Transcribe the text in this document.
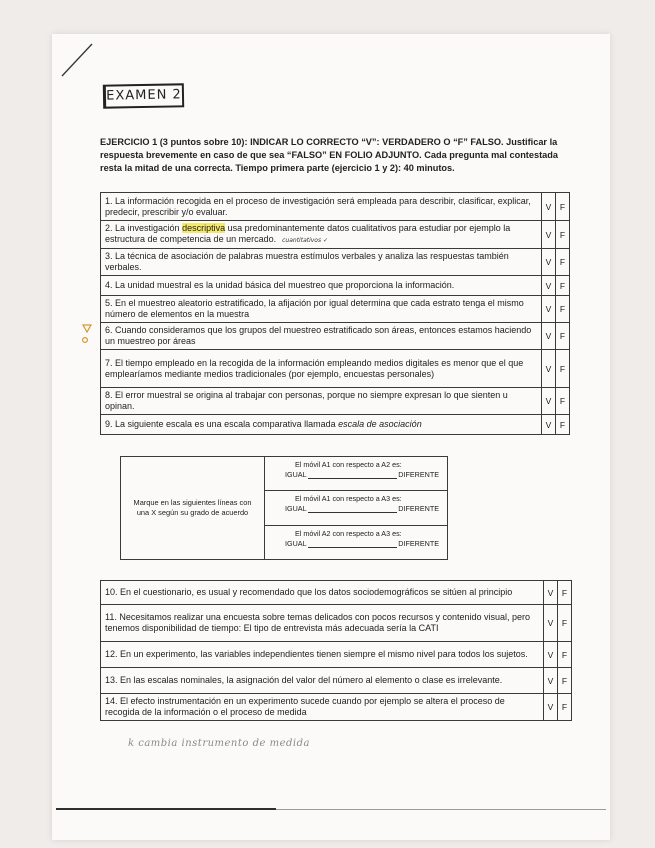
EXAMEN 2
EJERCICIO 1 (3 puntos sobre 10): INDICAR LO CORRECTO “V”: VERDADERO O “F” FALSO. Justificar la respuesta brevemente en caso de que sea “FALSO” EN FOLIO ADJUNTO. Cada pregunta mal contestada resta la mitad de una correcta. Tiempo primera parte (ejercicio 1 y 2): 40 minutos.
1. La información recogida en el proceso de investigación será empleada para describir, clasificar, explicar, predecir, prescribir y/o evaluar.	V	F
2. La investigación descriptiva usa predominantemente datos cualitativos para estudiar por ejemplo la estructura de competencia de un mercado. cuantitativos ✓	V	F
3. La técnica de asociación de palabras muestra estímulos verbales y analiza las respuestas también verbales.	V	F
4. La unidad muestral es la unidad básica del muestreo que proporciona la información.	V	F
5. En el muestreo aleatorio estratificado, la afijación por igual determina que cada estrato tenga el mismo número de elementos en la muestra	V	F
6. Cuando consideramos que los grupos del muestreo estratificado son áreas, entonces estamos haciendo un muestreo por áreas	V	F
7. El tiempo empleado en la recogida de la información empleando medios digitales es menor que el que emplearíamos mediante medios tradicionales (por ejemplo, encuestas personales)	V	F
8. El error muestral se origina al trabajar con personas, porque no siempre expresan lo que sienten u opinan.	V	F
9. La siguiente escala es una escala comparativa llamada escala de asociación	V	F
Marque en las siguientes líneas con una X según su grado de acuerdo
El móvil A1 con respecto a A2 es:
IGUAL	DIFERENTE
El móvil A1 con respecto a A3 es:
IGUAL	DIFERENTE
El móvil A2 con respecto a A3 es:
IGUAL	DIFERENTE
10. En el cuestionario, es usual y recomendado que los datos sociodemográficos se sitúen al principio	V	F
11. Necesitamos realizar una encuesta sobre temas delicados con pocos recursos y contenido visual, pero tenemos disponibilidad de tiempo: El tipo de entrevista más adecuada sería la CATI	V	F
12. En un experimento, las variables independientes tienen siempre el mismo nivel para todos los sujetos.	V	F
13. En las escalas nominales, la asignación del valor del número al elemento o clase es irrelevante.	V	F
14. El efecto instrumentación en un experimento sucede cuando por ejemplo se altera el proceso de recogida de la información o el proceso de medida	V	F
k cambia instrumento de medida
